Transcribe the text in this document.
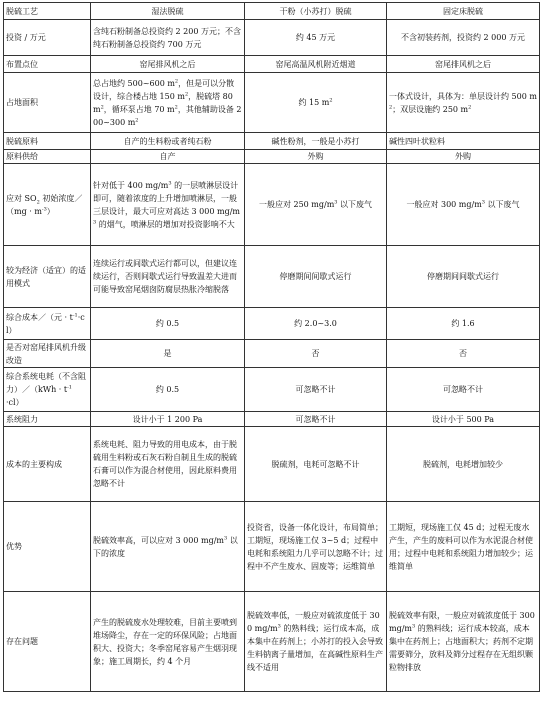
脱硫工艺	湿法脱硫	干粉（小苏打）脱硫	固定床脱硫
投资 / 万元	含纯石粉制备总投资约 2 200 万元；不含纯石粉制备总投资约 700 万元	约 45 万元	不含初装药剂，投资约 2 000 万元
布置点位	窑尾排风机之后	窑尾高温风机附近烟道	窑尾排风机之后
占地面积	总占地约 500~600 $m^2$，但是可以分散设计，综合楼占地 150 $m^2$，脱硫塔 80 $m^2$，循环泵占地 70 $m^2$，其他辅助设备 200~300 $m^2$	约 15 $m^2$	一体式设计，具体为：单层设计约 500 $m^2$；双层设施约 250 $m^2$
脱硫原料	自产的生料粉或者纯石粉	碱性粉剂，一般是小苏打	碱性四叶状粒料
原料供给	自产	外购	外购
应对 $SO_2$ 初始浓度／（mg · $m^{-3}$）	针对低于 400 $mg/m^3$ 的一层喷淋层设计即可，随着浓度的上升增加喷淋层，一般三层设计，最大可应对高达 3 000 $mg/m^3$ 的烟气，喷淋层的增加对投资影响不大	一般应对 250 $mg/m^3$ 以下废气	一般应对 300 $mg/m^3$ 以下废气
较为经济（适宜）的适用模式	连续运行或间歇式运行都可以，但建议连续运行，否则间歇式运行导致温差大进而可能导致窑尾烟囱防腐层热胀冷缩脱落	停磨期间间歇式运行	停磨期间间歇式运行
综合成本／（元 · $t^{-1}\cdot cl$）	约 0.5	约 2.0~3.0	约 1.6
是否对窑尾排风机升级改造	是	否	否
综合系统电耗（不含阻力）／（kWh · $t^{-1}\cdot cl$）	约 0.5	可忽略不计	可忽略不计
系统阻力	设计小于 1 200 Pa	可忽略不计	设计小于 500 Pa
成本的主要构成	系统电耗、阻力导致的用电成本，由于脱硫用生料粉或石灰石粉自制且生成的脱硫石膏可以作为混合材使用，因此原料费用忽略不计	脱硫剂，电耗可忽略不计	脱硫剂，电耗增加较少
优势	脱硫效率高，可以应对 3 000 $mg/m^3$ 以下的浓度	投资省，设备一体化设计，布局简单；工期短，现场施工仅 3~5 d；过程中电耗和系统阻力几乎可以忽略不计；过程中不产生废水、固废等；运维简单	工期短，现场施工仅 45 d；过程无废水产生，产生的废料可以作为水泥混合材使用；过程中电耗和系统阻力增加较少；运维简单
存在问题	产生的脱硫废水处理较难，目前主要喷到堆场降尘，存在一定的环保风险；占地面积大、投资大；冬季窑尾容易产生烟羽现象；施工周期长，约 4 个月	脱硫效率低，一般应对硫浓度低于 300 $mg/m^3$ 的熟料线；运行成本高，成本集中在药剂上；小苏打的投入会导致生料钠离子量增加，在高碱性原料生产线不适用	脱硫效率有限，一般应对硫浓度低于 300 $mg/m^3$ 的熟料线；运行成本较高，成本集中在药剂上；占地面积大；药剂不定期需要筛分，放料及筛分过程存在无组织颗粒物排放
